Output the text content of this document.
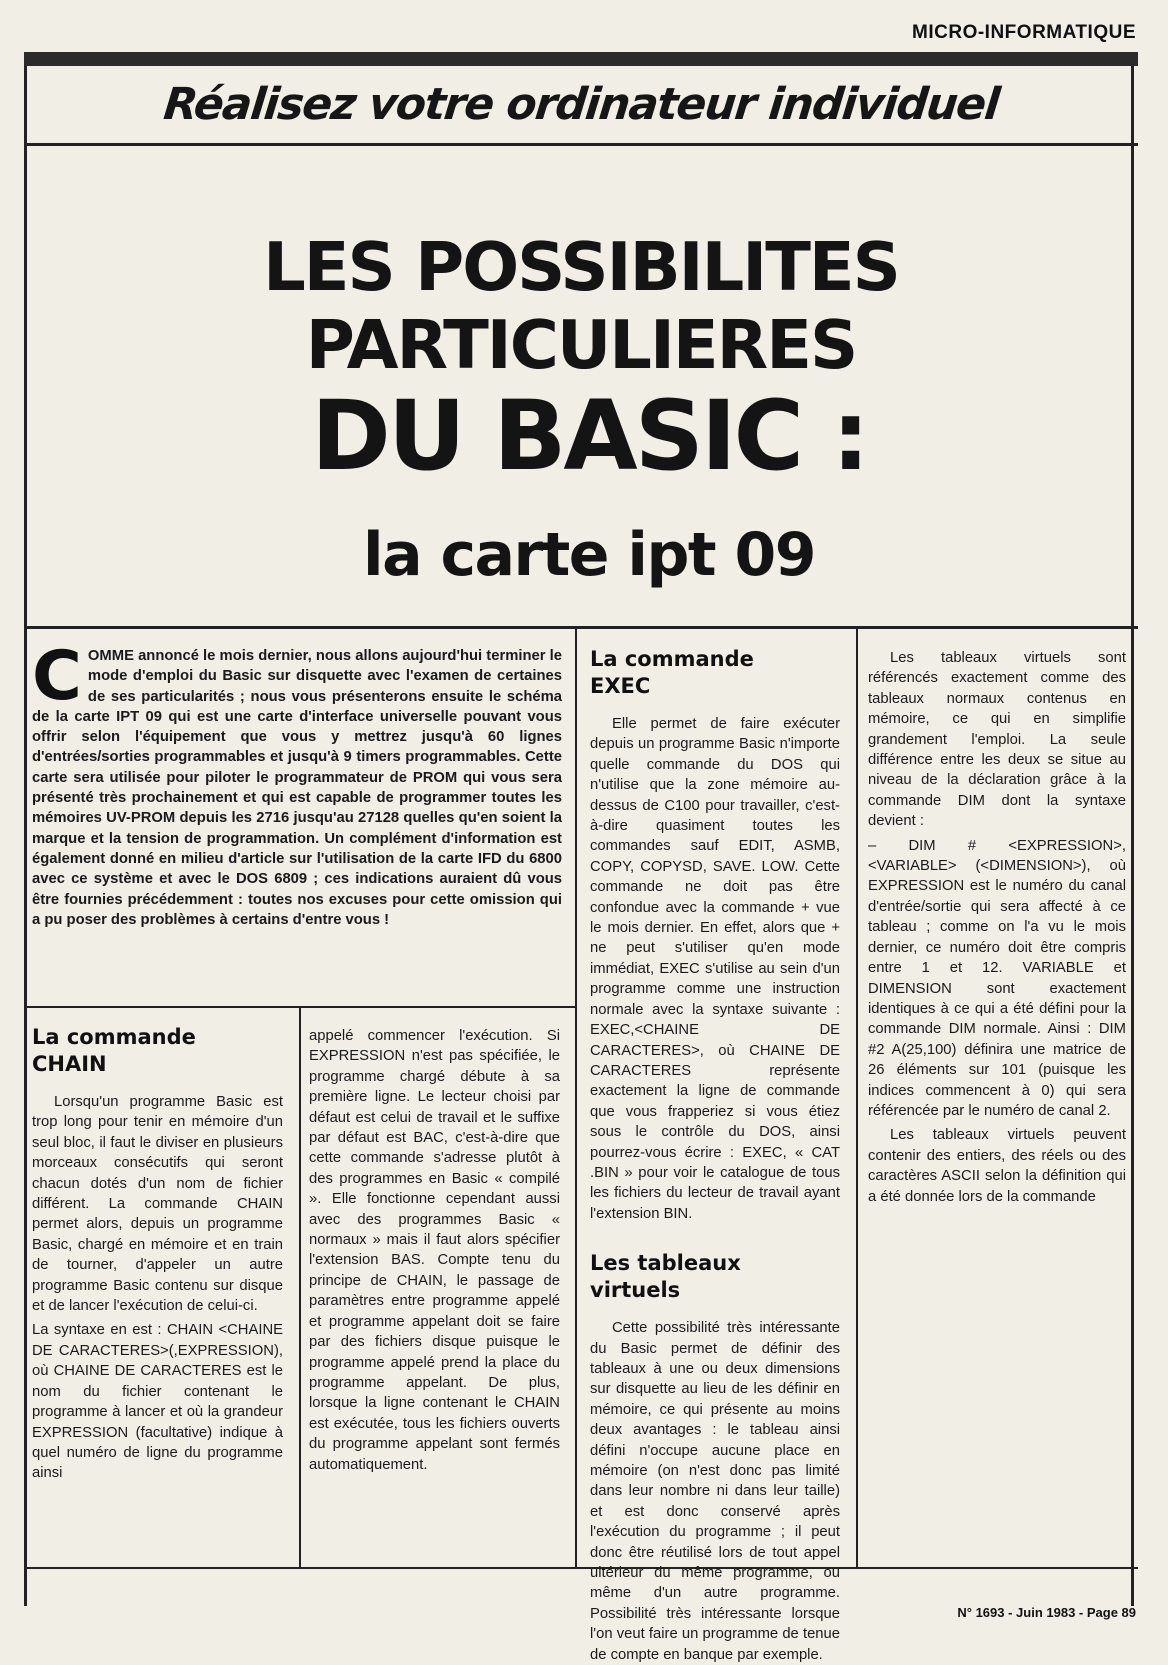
MICRO-INFORMATIQUE
Réalisez votre ordinateur individuel
LES POSSIBILITES PARTICULIERES
DU BASIC :
la carte ipt 09
COMME annoncé le mois dernier, nous allons aujourd'hui terminer le mode d'emploi du Basic sur disquette avec l'examen de certaines de ses particularités ; nous vous présenterons ensuite le schéma de la carte IPT 09 qui est une carte d'interface universelle pouvant vous offrir selon l'équipement que vous y mettrez jusqu'à 60 lignes d'entrées/sorties programmables et jusqu'à 9 timers programmables. Cette carte sera utilisée pour piloter le programmateur de PROM qui vous sera présenté très prochainement et qui est capable de programmer toutes les mémoires UV-PROM depuis les 2716 jusqu'au 27128 quelles qu'en soient la marque et la tension de programmation. Un complément d'information est également donné en milieu d'article sur l'utilisation de la carte IFD du 6800 avec ce système et avec le DOS 6809 ; ces indications auraient dû vous être fournies précédemment : toutes nos excuses pour cette omission qui a pu poser des problèmes à certains d'entre vous !
La commande CHAIN

Lorsqu'un programme Basic est trop long pour tenir en mémoire d'un seul bloc, il faut le diviser en plusieurs morceaux consécutifs qui seront chacun dotés d'un nom de fichier différent. La commande CHAIN permet alors, depuis un programme Basic, chargé en mémoire et en train de tourner, d'appeler un autre programme Basic contenu sur disque et de lancer l'exécution de celui-ci.

La syntaxe en est : CHAIN <CHAINE DE CARACTERES>(,EXPRESSION), où CHAINE DE CARACTERES est le nom du fichier contenant le programme à lancer et où la grandeur EXPRESSION (facultative) indique à quel numéro de ligne du programme ainsi

appelé commencer l'exécution. Si EXPRESSION n'est pas spécifiée, le programme chargé débute à sa première ligne. Le lecteur choisi par défaut est celui de travail et le suffixe par défaut est BAC, c'est-à-dire que cette commande s'adresse plutôt à des programmes en Basic « compilé ». Elle fonctionne cependant aussi avec des programmes Basic « normaux » mais il faut alors spécifier l'extension BAS. Compte tenu du principe de CHAIN, le passage de paramètres entre programme appelé et programme appelant doit se faire par des fichiers disque puisque le programme appelé prend la place du programme appelant. De plus, lorsque la ligne contenant le CHAIN est exécutée, tous les fichiers ouverts du programme appelant sont fermés automatiquement.

La commande EXEC

Elle permet de faire exécuter depuis un programme Basic n'importe quelle commande du DOS qui n'utilise que la zone mémoire au-dessus de C100 pour travailler, c'est-à-dire quasiment toutes les commandes sauf EDIT, ASMB, COPY, COPYSD, SAVE. LOW. Cette commande ne doit pas être confondue avec la commande + vue le mois dernier. En effet, alors que + ne peut s'utiliser qu'en mode immédiat, EXEC s'utilise au sein d'un programme comme une instruction normale avec la syntaxe suivante : EXEC,<CHAINE DE CARACTERES>, où CHAINE DE CARACTERES représente exactement la ligne de commande que vous frapperiez si vous étiez sous le contrôle du DOS, ainsi pourrez-vous écrire : EXEC, « CAT .BIN » pour voir le catalogue de tous les fichiers du lecteur de travail ayant l'extension BIN.

Les tableaux virtuels

Cette possibilité très intéressante du Basic permet de définir des tableaux à une ou deux dimensions sur disquette au lieu de les définir en mémoire, ce qui présente au moins deux avantages : le tableau ainsi défini n'occupe aucune place en mémoire (on n'est donc pas limité dans leur nombre ni dans leur taille) et est donc conservé après l'exécution du programme ; il peut donc être réutilisé lors de tout appel ultérieur du même programme, ou même d'un autre programme. Possibilité très intéressante lorsque l'on veut faire un programme de tenue de compte en banque par exemple.

Les tableaux virtuels sont référencés exactement comme des tableaux normaux contenus en mémoire, ce qui en simplifie grandement l'emploi. La seule différence entre les deux se situe au niveau de la déclaration grâce à la commande DIM dont la syntaxe devient :

– DIM # <EXPRESSION>, <VARIABLE> (<DIMENSION>), où EXPRESSION est le numéro du canal d'entrée/sortie qui sera affecté à ce tableau ; comme on l'a vu le mois dernier, ce numéro doit être compris entre 1 et 12. VARIABLE et DIMENSION sont exactement identiques à ce qui a été défini pour la commande DIM normale. Ainsi : DIM #2 A(25,100) définira une matrice de 26 éléments sur 101 (puisque les indices commencent à 0) qui sera référencée par le numéro de canal 2.

Les tableaux virtuels peuvent contenir des entiers, des réels ou des caractères ASCII selon la définition qui a été donnée lors de la commande

N° 1693 - Juin 1983 - Page 89
